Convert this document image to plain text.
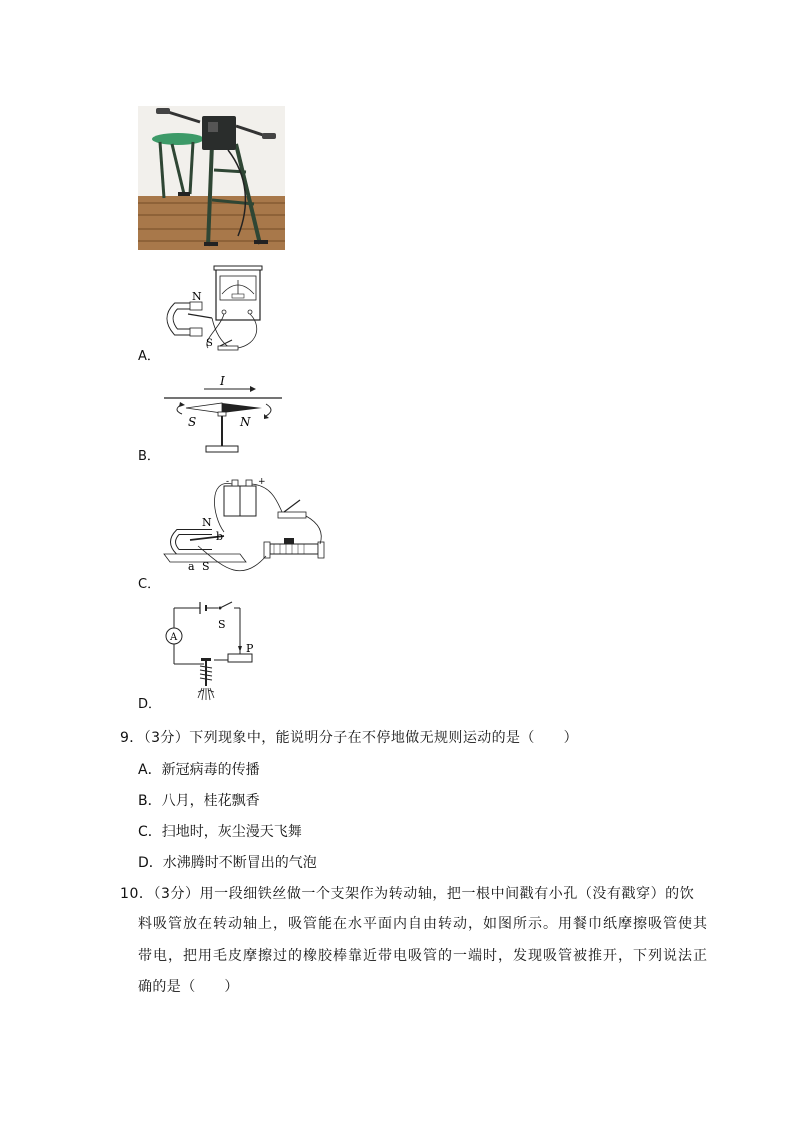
N
S
A．
I
S	N
B．
-	+
N
b
a S
C．
S
A
P
D．
9．（3分）下列现象中，能说明分子在不停地做无规则运动的是（　　）
A．新冠病毒的传播
B．八月，桂花飘香
C．扫地时，灰尘漫天飞舞
D．水沸腾时不断冒出的气泡
10．（3分）用一段细铁丝做一个支架作为转动轴，把一根中间戳有小孔（没有戳穿）的饮
料吸管放在转动轴上，吸管能在水平面内自由转动，如图所示。用餐巾纸摩擦吸管使其
带电，把用毛皮摩擦过的橡胶棒靠近带电吸管的一端时，发现吸管被推开，下列说法正
确的是（　　）
